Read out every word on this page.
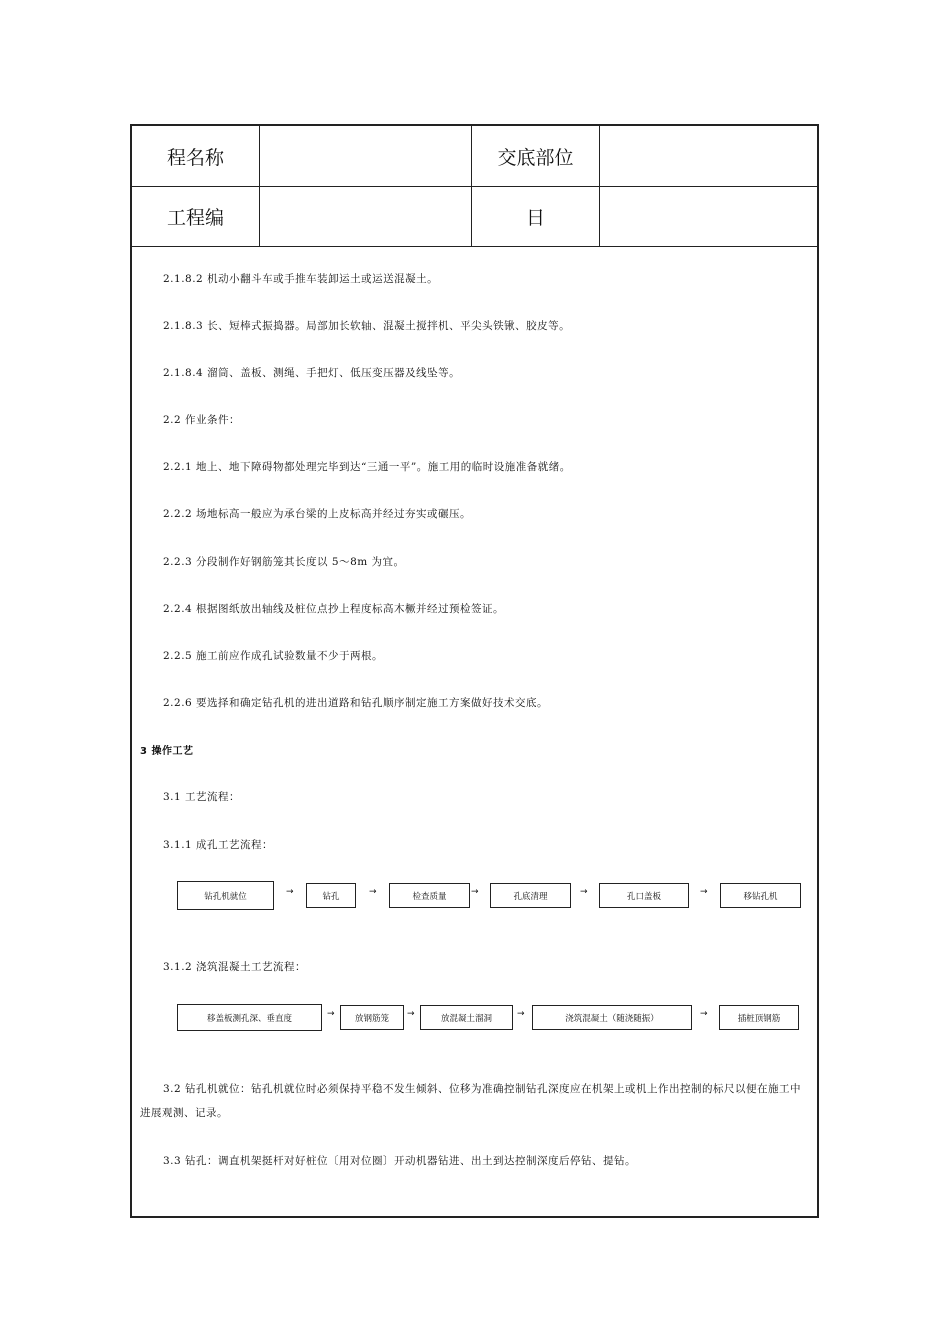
程名称	交底部位
工程编	日
2.1.8.2 机动小翻斗车或手推车装卸运土或运送混凝土。
2.1.8.3 长、短棒式振捣器。局部加长软轴、混凝土搅拌机、平尖头铁锹、胶皮等。
2.1.8.4 溜筒、盖板、测绳、手把灯、低压变压器及线坠等。
2.2 作业条件：
2.2.1 地上、地下障碍物都处理完毕到达“三通一平”。施工用的临时设施准备就绪。
2.2.2 场地标高一般应为承台梁的上皮标高并经过夯实或碾压。
2.2.3 分段制作好钢筋笼其长度以 5～8m 为宜。
2.2.4 根据图纸放出轴线及桩位点抄上程度标高木橛并经过预检签证。
2.2.5 施工前应作成孔试验数量不少于两根。
2.2.6 要选择和确定钻孔机的进出道路和钻孔顺序制定施工方案做好技术交底。
3 操作工艺
3.1 工艺流程：
3.1.1 成孔工艺流程：
钻孔机就位	→	钻孔	→	检查质量	→	孔底清理	→	孔口盖板	→	移钻孔机
3.1.2 浇筑混凝土工艺流程：
移盖板测孔深、垂直度	→	放钢筋笼	→	放混凝土溜洞	→	浇筑混凝土（随浇随振）	→	插桩顶钢筋
3.2 钻孔机就位：钻孔机就位时必须保持平稳不发生倾斜、位移为准确控制钻孔深度应在机架上或机上作出控制的标尺以便在施工中
进展观测、记录。
3.3 钻孔：调直机架挺杆对好桩位〔用对位圈〕开动机器钻进、出土到达控制深度后停钻、提钻。
